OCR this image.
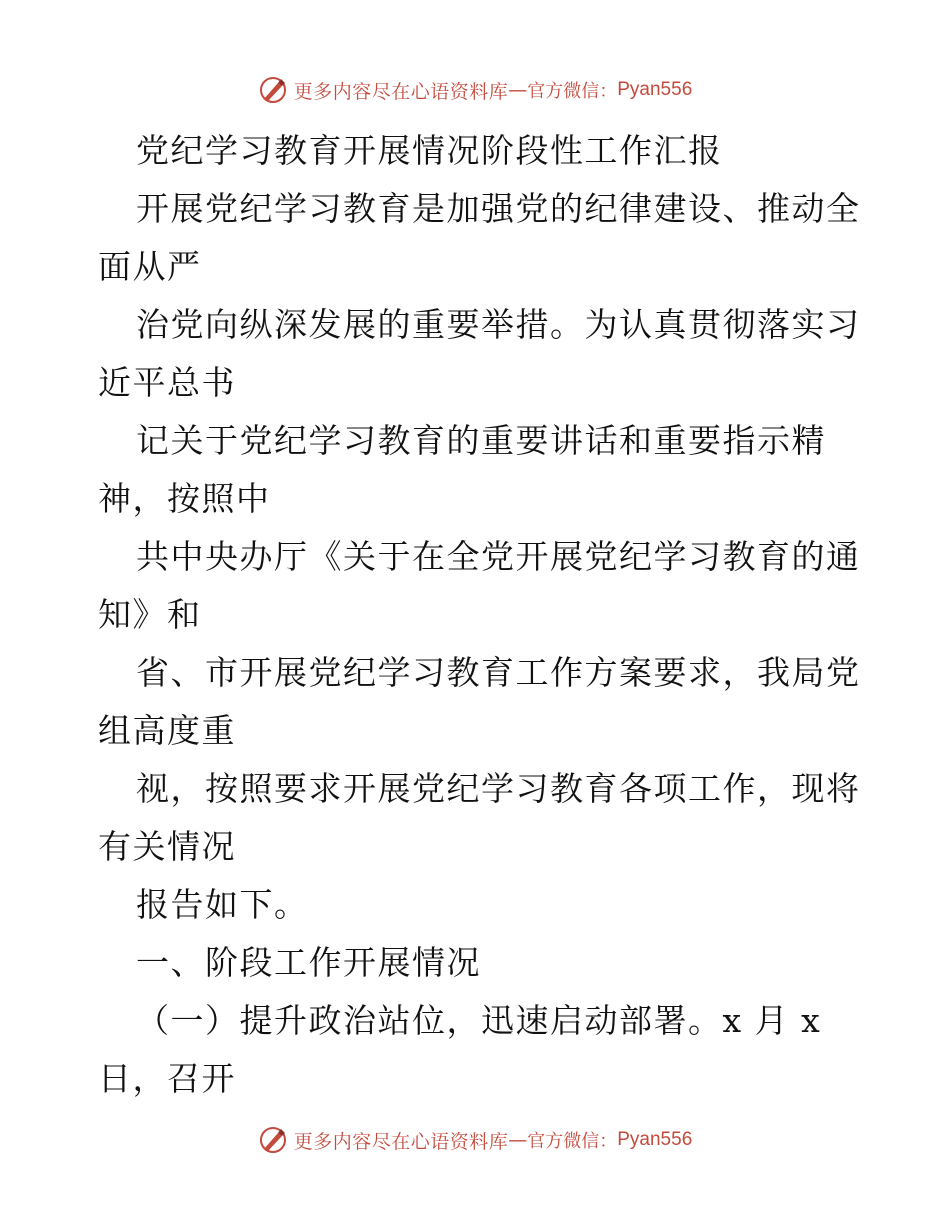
更多内容尽在心语资料库 — 官方微信： Pyan556
党纪学习教育开展情况阶段性工作汇报
开展党纪学习教育是加强党的纪律建设、推动全
面从严
治党向纵深发展的重要举措。为认真贯彻落实习
近平总书
记关于党纪学习教育的重要讲话和重要指示精
神，按照中
共中央办厅《关于在全党开展党纪学习教育的通
知》和
省、市开展党纪学习教育工作方案要求，我局党
组高度重
视，按照要求开展党纪学习教育各项工作，现将
有关情况
报告如下。
一、阶段工作开展情况
（一）提升政治站位，迅速启动部署。x 月 x
日，召开
更多内容尽在心语资料库 — 官方微信： Pyan556
